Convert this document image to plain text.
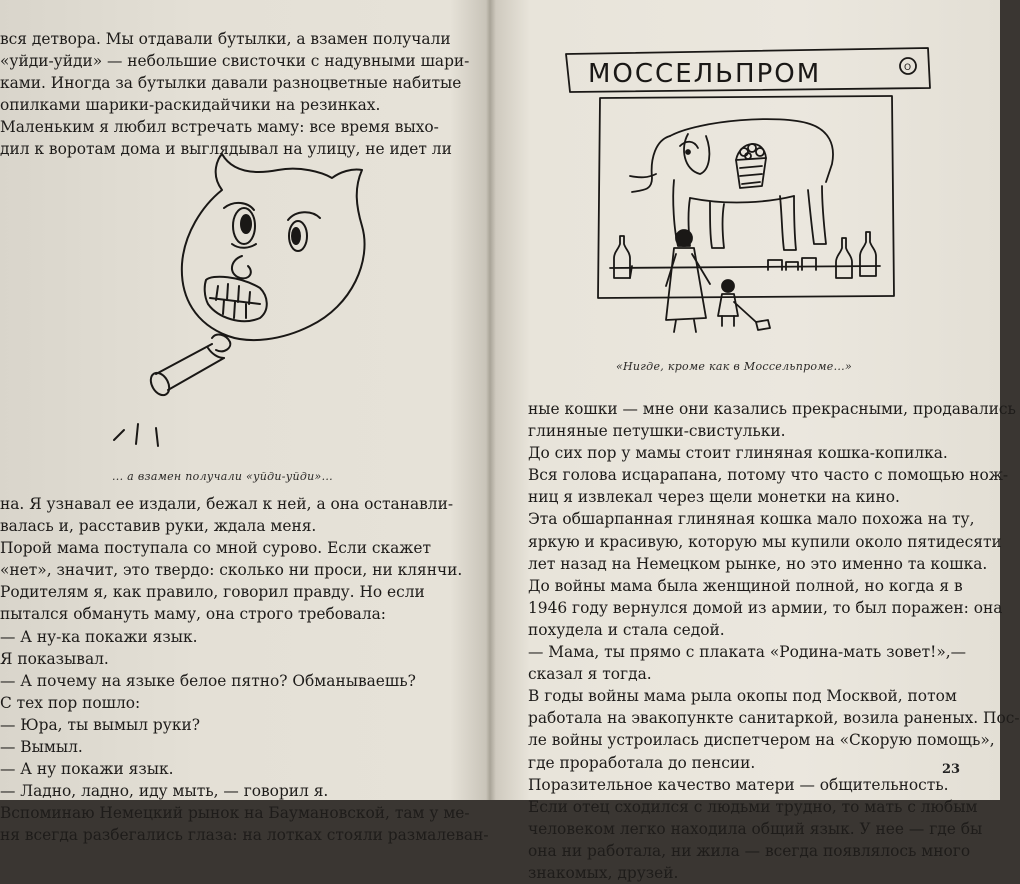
вся детвора. Мы отдавали бутылки, а взамен получали

«уйди-уйди» — небольшие свисточки с надувными шари-

ками. Иногда за бутылки давали разноцветные набитые

опилками шарики-раскидайчики на резинках.

Маленьким я любил встречать маму: все время выхо-

дил к воротам дома и выглядывал на улицу, не идет ли

... а взамен получали «уйди-уйди»...

на. Я узнавал ее издали, бежал к ней, а она останавли-

валась и, расставив руки, ждала меня.

Порой мама поступала со мной сурово. Если скажет

«нет», значит, это твердо: сколько ни проси, ни клянчи.

Родителям я, как правило, говорил правду. Но если

пытался обмануть маму, она строго требовала:

— А ну-ка покажи язык.

Я показывал.

— А почему на языке белое пятно? Обманываешь?

С тех пор пошло:

— Юра, ты вымыл руки?

— Вымыл.

— А ну покажи язык.

— Ладно, ладно, иду мыть, — говорил я.

Вспоминаю Немецкий рынок на Баумановской, там у ме-

ня всегда разбегались глаза: на лотках стояли размалеван-

О
МОССЕЛЬПРОМ
«Нигде, кроме как в Моссельпроме...»

ные кошки — мне они казались прекрасными, продавались

глиняные петушки-свистульки.

До сих пор у мамы стоит глиняная кошка-копилка.

Вся голова исцарапана, потому что часто с помощью нож-

ниц я извлекал через щели монетки на кино.

Эта обшарпанная глиняная кошка мало похожа на ту,

яркую и красивую, которую мы купили около пятидесяти

лет назад на Немецком рынке, но это именно та кошка.

До войны мама была женщиной полной, но когда я в

1946 году вернулся домой из армии, то был поражен: она

похудела и стала седой.

— Мама, ты прямо с плаката «Родина-мать зовет!»,—

сказал я тогда.

В годы войны мама рыла окопы под Москвой, потом

работала на эвакопункте санитаркой, возила раненых. Пос-

ле войны устроилась диспетчером на «Скорую помощь»,

где проработала до пенсии.

Поразительное качество матери — общительность.

Если отец сходился с людьми трудно, то мать с любым

человеком легко находила общий язык. У нее — где бы

она ни работала, ни жила — всегда появлялось много

знакомых, друзей.

23
